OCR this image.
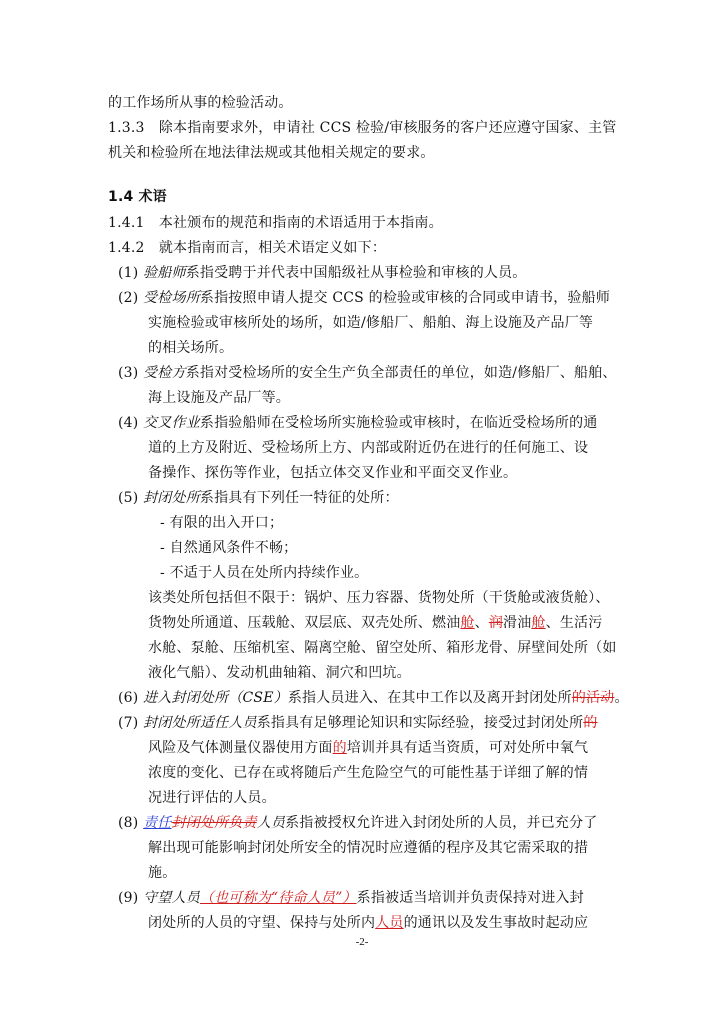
的工作场所从事的检验活动。
1.3.3　除本指南要求外，申请社 CCS 检验/审核服务的客户还应遵守国家、主管
机关和检验所在地法律法规或其他相关规定的要求。
1.4 术语
1.4.1　本社颁布的规范和指南的术语适用于本指南。
1.4.2　就本指南而言，相关术语定义如下：
(1) 验船师系指受聘于并代表中国船级社从事检验和审核的人员。
(2) 受检场所系指按照申请人提交 CCS 的检验或审核的合同或申请书，验船师
实施检验或审核所处的场所，如造/修船厂、船舶、海上设施及产品厂等
的相关场所。
(3) 受检方系指对受检场所的安全生产负全部责任的单位，如造/修船厂、船舶、
海上设施及产品厂等。
(4) 交叉作业系指验船师在受检场所实施检验或审核时，在临近受检场所的通
道的上方及附近、受检场所上方、内部或附近仍在进行的任何施工、设
备操作、探伤等作业，包括立体交叉作业和平面交叉作业。
(5) 封闭处所系指具有下列任一特征的处所：
- 有限的出入开口；
- 自然通风条件不畅；
- 不适于人员在处所内持续作业。
该类处所包括但不限于：锅炉、压力容器、货物处所（干货舱或液货舱）、
货物处所通道、压载舱、双层底、双壳处所、燃油舱、润滑油舱、生活污
水舱、泵舱、压缩机室、隔离空舱、留空处所、箱形龙骨、屏壁间处所（如
液化气船）、发动机曲轴箱、洞穴和凹坑。
(6) 进入封闭处所（CSE）系指人员进入、在其中工作以及离开封闭处所的活动。
(7) 封闭处所适任人员系指具有足够理论知识和实际经验，接受过封闭处所的
风险及气体测量仪器使用方面的培训并具有适当资质，可对处所中氧气
浓度的变化、已存在或将随后产生危险空气的可能性基于详细了解的情
况进行评估的人员。
(8) 责任封闭处所负责人员系指被授权允许进入封闭处所的人员，并已充分了
解出现可能影响封闭处所安全的情况时应遵循的程序及其它需采取的措
施。
(9) 守望人员（也可称为“待命人员”）系指被适当培训并负责保持对进入封
闭处所的人员的守望、保持与处所内人员的通讯以及发生事故时起动应
-2-
